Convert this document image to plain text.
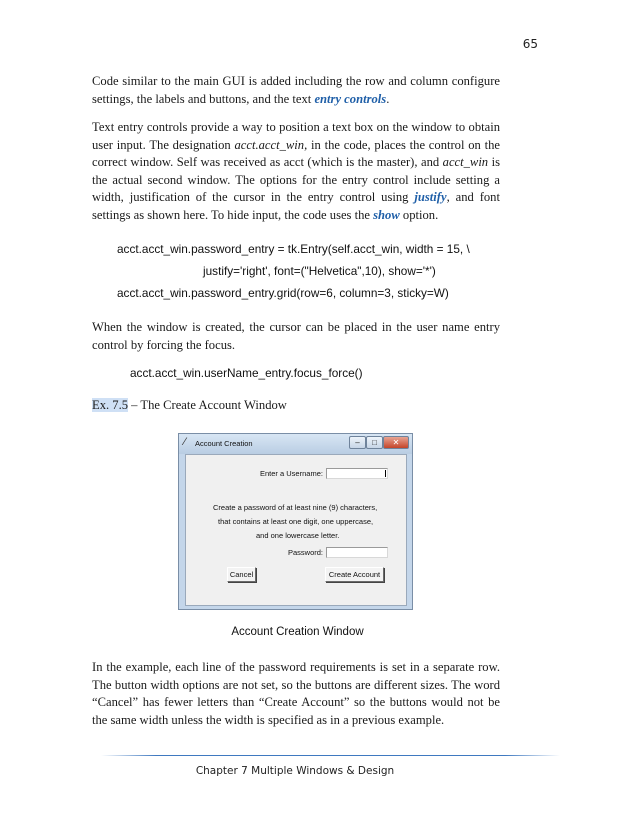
65

Code similar to the main GUI is added including the row and column configure settings, the labels and buttons, and the text entry controls.

Text entry controls provide a way to position a text box on the window to obtain user input. The designation acct.acct_win, in the code, places the control on the correct window. Self was received as acct (which is the master), and acct_win is the actual second window. The options for the entry control include setting a width, justification of the cursor in the entry control using justify, and font settings as shown here. To hide input, the code uses the show option.

acct.acct_win.password_entry = tk.Entry(self.acct_win, width = 15, \
justify='right', font=("Helvetica",10), show='*')
acct.acct_win.password_entry.grid(row=6, column=3, sticky=W)

When the window is created, the cursor can be placed in the user name entry control by forcing the focus.

acct.acct_win.userName_entry.focus_force()
Ex. 7.5 – The Create Account Window
⁄ Account Creation	–	□	✕
Enter a Username:
Create a password of at least nine (9) characters,
that contains at least one digit, one uppercase,
and one lowercase letter.
Password:
Cancel	Create Account
Account Creation Window

In the example, each line of the password requirements is set in a separate row. The button width options are not set, so the buttons are different sizes. The word “Cancel” has fewer letters than “Create Account” so the buttons would not be the same width unless the width is specified as in a previous example.

Chapter 7 Multiple Windows & Design
